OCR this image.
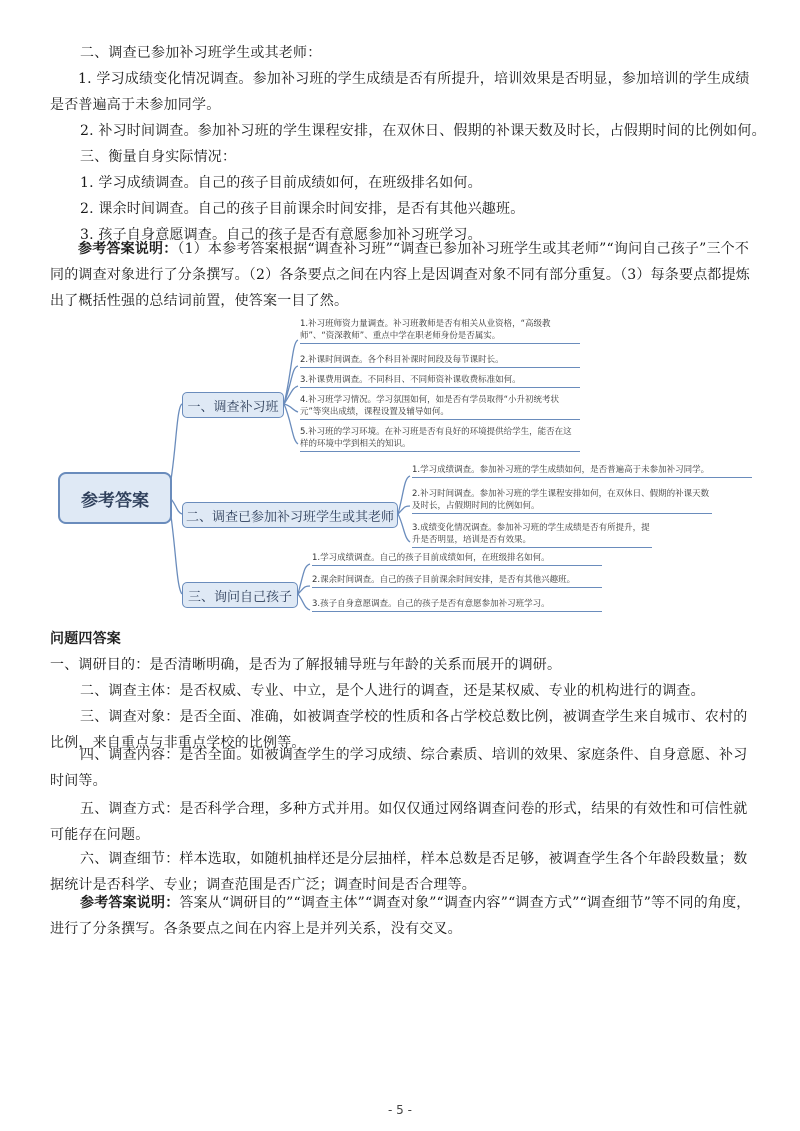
二、调查已参加补习班学生或其老师：
1. 学习成绩变化情况调查。参加补习班的学生成绩是否有所提升，培训效果是否明显，参加培训的学生成绩是否普遍高于未参加同学。
2. 补习时间调查。参加补习班的学生课程安排，在双休日、假期的补课天数及时长，占假期时间的比例如何。
三、衡量自身实际情况：
1. 学习成绩调查。自己的孩子目前成绩如何，在班级排名如何。
2. 课余时间调查。自己的孩子目前课余时间安排，是否有其他兴趣班。
3. 孩子自身意愿调查。自己的孩子是否有意愿参加补习班学习。
参考答案说明：（1）本参考答案根据“调查补习班”“调查已参加补习班学生或其老师”“询问自己孩子”三个不同的调查对象进行了分条撰写。（2）各条要点之间在内容上是因调查对象不同有部分重复。（3）每条要点都提炼出了概括性强的总结词前置，使答案一目了然。
参考答案
一、调查补习班
二、调查已参加补习班学生或其老师
三、询问自己孩子
1.补习班师资力量调查。补习班教师是否有相关从业资格，“高级教师”、“资深教师”、重点中学在职老师身份是否属实。
2.补课时间调查。各个科目补课时间段及每节课时长。
3.补课费用调查。不同科目、不同师资补课收费标准如何。
4.补习班学习情况。学习氛围如何，如是否有学员取得“小升初统考状元”等突出成绩，课程设置及辅导如何。
5.补习班的学习环境。在补习班是否有良好的环境提供给学生，能否在这样的环境中学到相关的知识。
1.学习成绩调查。参加补习班的学生成绩如何，是否普遍高于未参加补习同学。
2.补习时间调查。参加补习班的学生课程安排如何，在双休日、假期的补课天数及时长，占假期时间的比例如何。
3.成绩变化情况调查。参加补习班的学生成绩是否有所提升，提升是否明显，培训是否有效果。
1.学习成绩调查。自己的孩子目前成绩如何，在班级排名如何。
2.课余时间调查。自己的孩子目前课余时间安排，是否有其他兴趣班。
3.孩子自身意愿调查。自己的孩子是否有意愿参加补习班学习。
问题四答案
一、调研目的：是否清晰明确，是否为了解报辅导班与年龄的关系而展开的调研。
二、调查主体：是否权威、专业、中立，是个人进行的调查，还是某权威、专业的机构进行的调查。
三、调查对象：是否全面、准确，如被调查学校的性质和各占学校总数比例，被调查学生来自城市、农村的比例，来自重点与非重点学校的比例等。
四、调查内容：是否全面。如被调查学生的学习成绩、综合素质、培训的效果、家庭条件、自身意愿、补习时间等。
五、调查方式：是否科学合理，多种方式并用。如仅仅通过网络调查问卷的形式，结果的有效性和可信性就可能存在问题。
六、调查细节：样本选取，如随机抽样还是分层抽样，样本总数是否足够，被调查学生各个年龄段数量；数据统计是否科学、专业；调查范围是否广泛；调查时间是否合理等。
参考答案说明：答案从“调研目的”“调查主体”“调查对象”“调查内容”“调查方式”“调查细节”等不同的角度，进行了分条撰写。各条要点之间在内容上是并列关系，没有交叉。
- 5 -
